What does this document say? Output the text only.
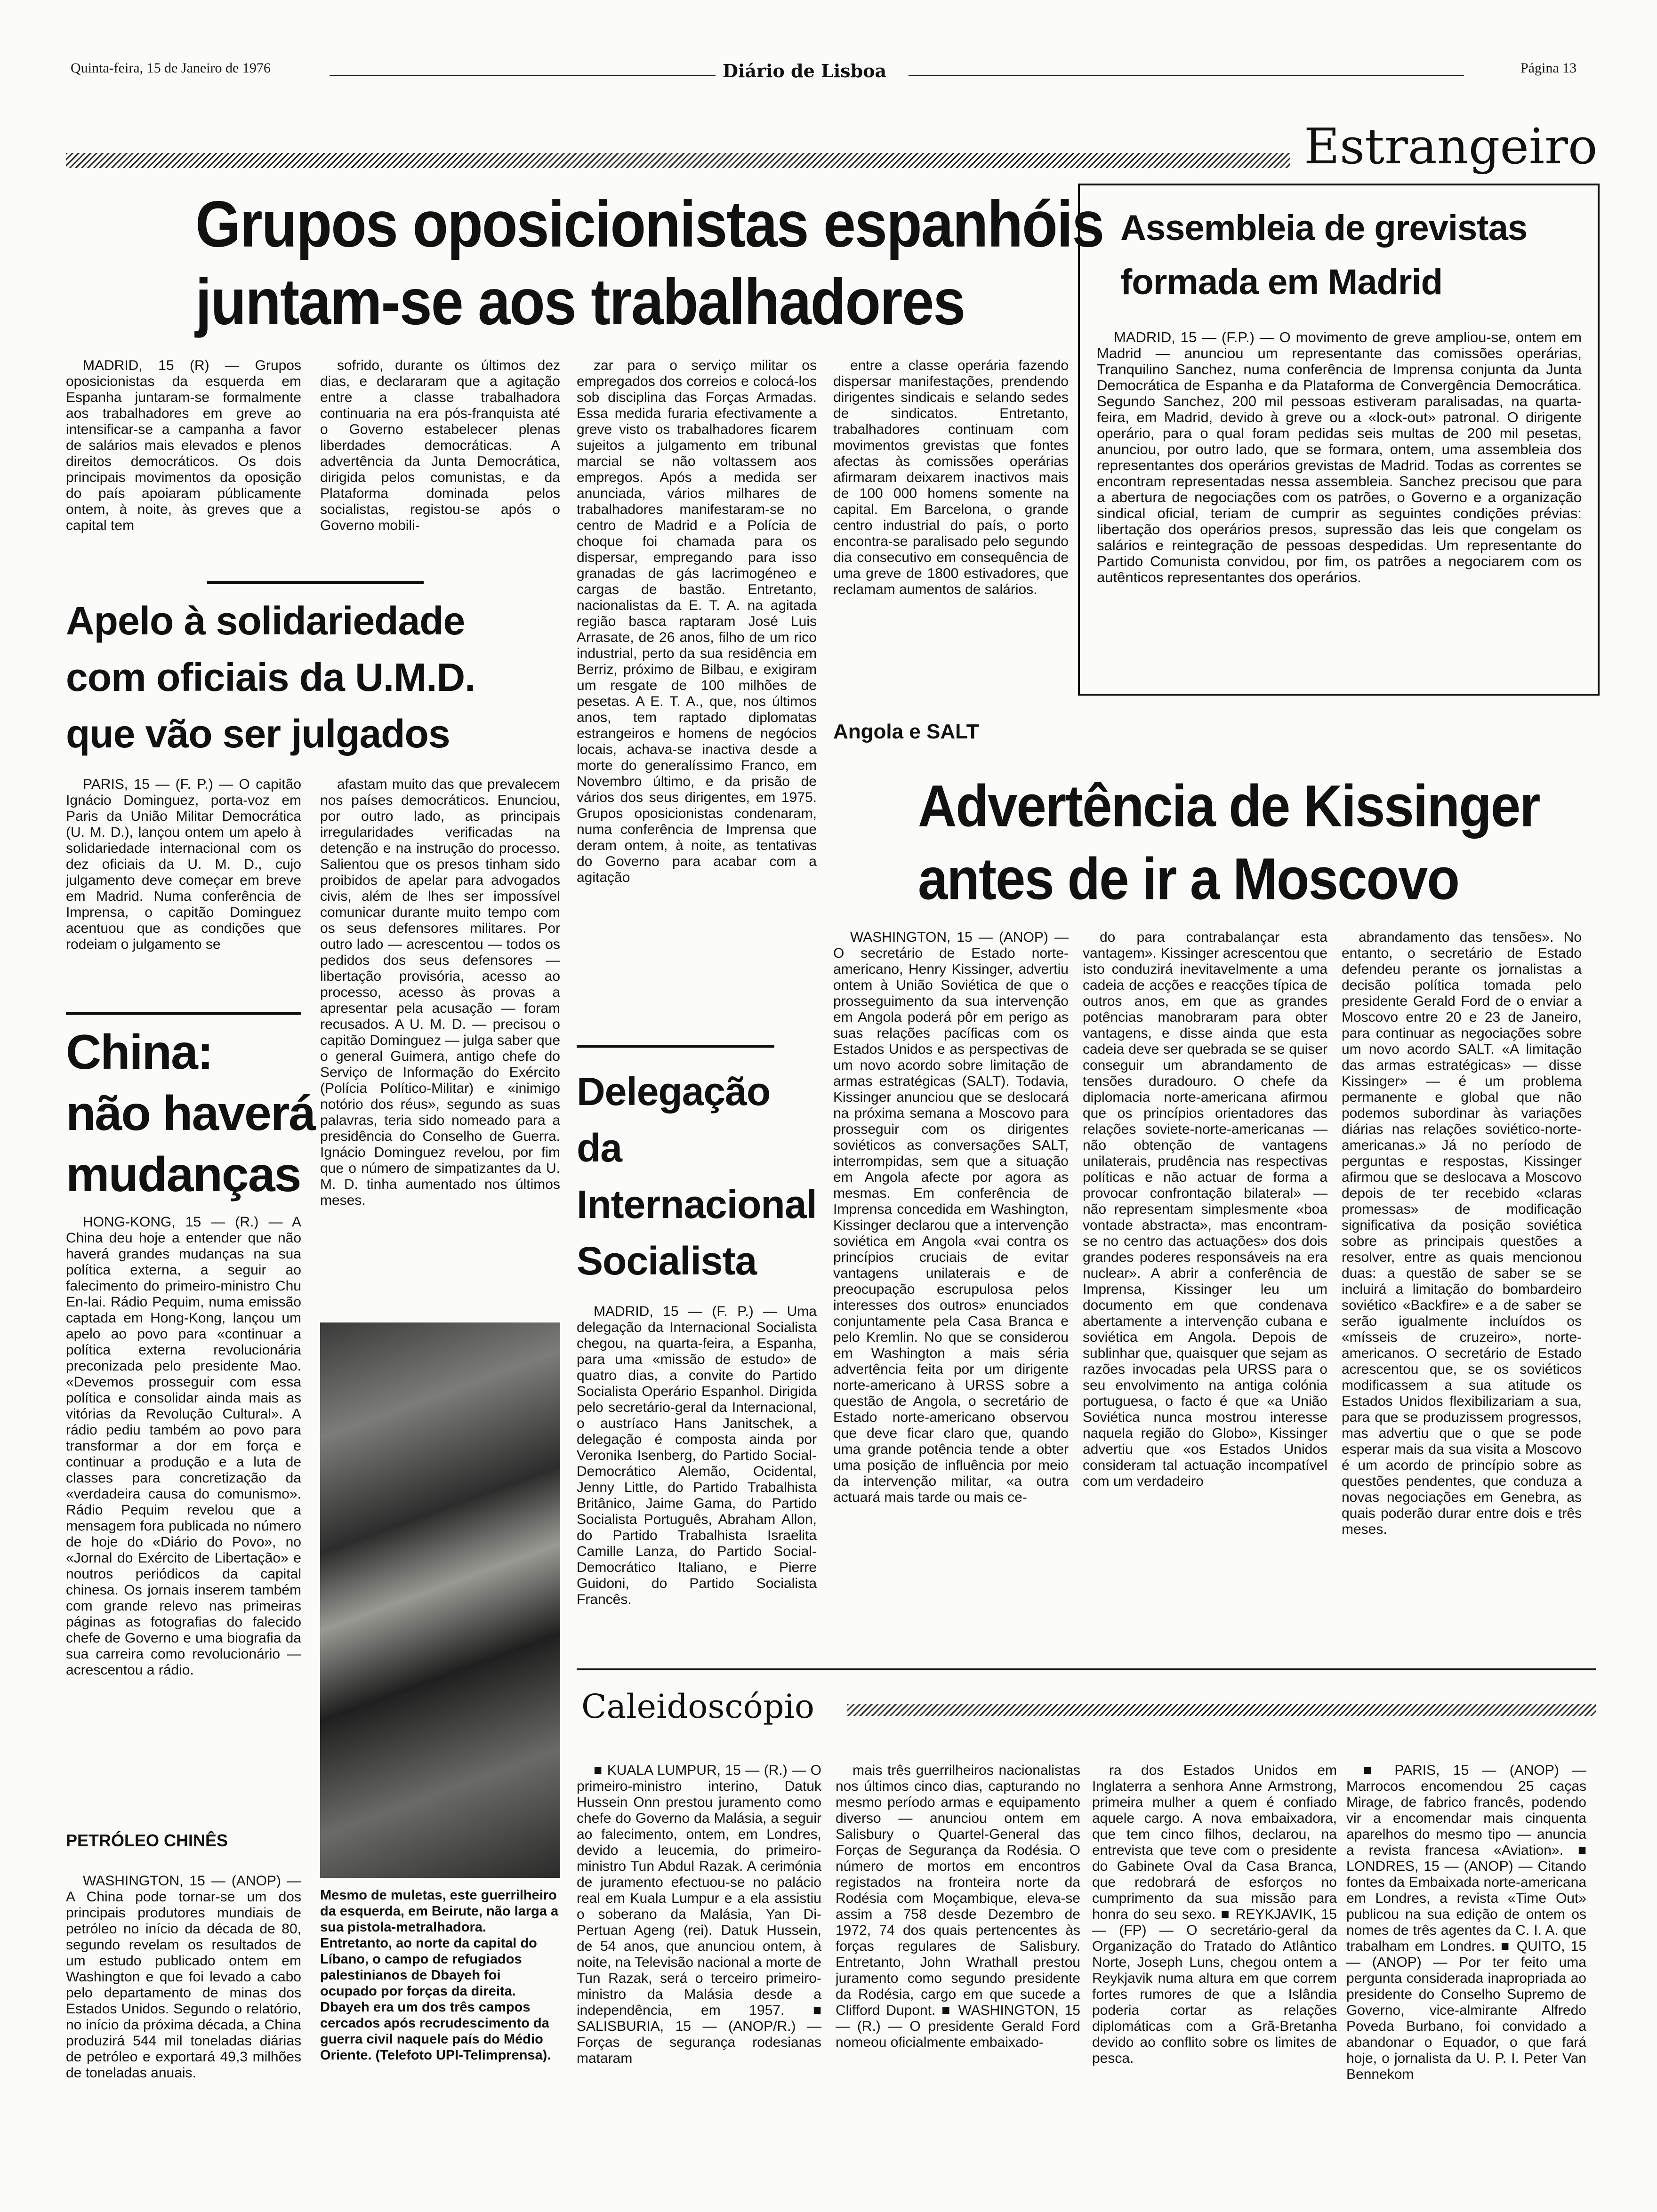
Quinta-feira, 15 de Janeiro de 1976	Diário de Lisboa	Página 13
Estrangeiro
Grupos oposicionistas espanhóis
juntam-se aos trabalhadores

MADRID, 15 (R) — Grupos oposicionistas da esquerda em Espanha juntaram-se formalmente aos trabalhadores em greve ao intensificar-se a campanha a favor de salários mais elevados e plenos direitos democráticos. Os dois principais movimentos da oposição do país apoiaram públicamente ontem, à noite, às greves que a capital tem

sofrido, durante os últimos dez dias, e declararam que a agitação entre a classe trabalhadora continuaria na era pós-franquista até o Governo estabelecer plenas liberdades democráticas. A advertência da Junta Democrática, dirigida pelos comunistas, e da Plataforma dominada pelos socialistas, registou-se após o Governo mobili-

zar para o serviço militar os empregados dos correios e colocá-los sob disciplina das Forças Armadas. Essa medida furaria efectivamente a greve visto os trabalhadores ficarem sujeitos a julgamento em tribunal marcial se não voltassem aos empregos. Após a medida ser anunciada, vários milhares de trabalhadores manifestaram-se no centro de Madrid e a Polícia de choque foi chamada para os dispersar, empregando para isso granadas de gás lacrimogéneo e cargas de bastão. Entretanto, nacionalistas da E. T. A. na agitada região basca raptaram José Luis Arrasate, de 26 anos, filho de um rico industrial, perto da sua residência em Berriz, próximo de Bilbau, e exigiram um resgate de 100 milhões de pesetas. A E. T. A., que, nos últimos anos, tem raptado diplomatas estrangeiros e homens de negócios locais, achava-se inactiva desde a morte do generalíssimo Franco, em Novembro último, e da prisão de vários dos seus dirigentes, em 1975. Grupos oposicionistas condenaram, numa conferência de Imprensa que deram ontem, à noite, as tentativas do Governo para acabar com a agitação

entre a classe operária fazendo dispersar manifestações, prendendo dirigentes sindicais e selando sedes de sindicatos. Entretanto, trabalhadores continuam com movimentos grevistas que fontes afectas às comissões operárias afirmaram deixarem inactivos mais de 100 000 homens somente na capital. Em Barcelona, o grande centro industrial do país, o porto encontra-se paralisado pelo segundo dia consecutivo em consequência de uma greve de 1800 estivadores, que reclamam aumentos de salários.

Assembleia de grevistas
formada em Madrid

MADRID, 15 — (F.P.) — O movimento de greve ampliou-se, ontem em Madrid — anunciou um representante das comissões operárias, Tranquilino Sanchez, numa conferência de Imprensa conjunta da Junta Democrática de Espanha e da Plataforma de Convergência Democrática. Segundo Sanchez, 200 mil pessoas estiveram paralisadas, na quarta-feira, em Madrid, devido à greve ou a «lock-out» patronal. O dirigente operário, para o qual foram pedidas seis multas de 200 mil pesetas, anunciou, por outro lado, que se formara, ontem, uma assembleia dos representantes dos operários grevistas de Madrid. Todas as correntes se encontram representadas nessa assembleia. Sanchez precisou que para a abertura de negociações com os patrões, o Governo e a organização sindical oficial, teriam de cumprir as seguintes condições prévias: libertação dos operários presos, supressão das leis que congelam os salários e reintegração de pessoas despedidas. Um representante do Partido Comunista convidou, por fim, os patrões a negociarem com os autênticos representantes dos operários.

Apelo à solidariedade
com oficiais da U.M.D.
que vão ser julgados

PARIS, 15 — (F. P.) — O capitão Ignácio Dominguez, porta-voz em Paris da União Militar Democrática (U. M. D.), lançou ontem um apelo à solidariedade internacional com os dez oficiais da U. M. D., cujo julgamento deve começar em breve em Madrid. Numa conferência de Imprensa, o capitão Dominguez acentuou que as condições que rodeiam o julgamento se

afastam muito das que prevalecem nos países democráticos. Enunciou, por outro lado, as principais irregularidades verificadas na detenção e na instrução do processo. Salientou que os presos tinham sido proibidos de apelar para advogados civis, além de lhes ser impossível comunicar durante muito tempo com os seus defensores militares. Por outro lado — acrescentou — todos os pedidos dos seus defensores — libertação provisória, acesso ao processo, acesso às provas a apresentar pela acusação — foram recusados. A U. M. D. — precisou o capitão Dominguez — julga saber que o general Guimera, antigo chefe do Serviço de Informação do Exército (Polícia Político-Militar) e «inimigo notório dos réus», segundo as suas palavras, teria sido nomeado para a presidência do Conselho de Guerra. Ignácio Dominguez revelou, por fim que o número de simpatizantes da U. M. D. tinha aumentado nos últimos meses.

China:
não haverá
mudanças

HONG-KONG, 15 — (R.) — A China deu hoje a entender que não haverá grandes mudanças na sua política externa, a seguir ao falecimento do primeiro-ministro Chu En-lai. Rádio Pequim, numa emissão captada em Hong-Kong, lançou um apelo ao povo para «continuar a política externa revolucionária preconizada pelo presidente Mao. «Devemos prosseguir com essa política e consolidar ainda mais as vitórias da Revolução Cultural». A rádio pediu também ao povo para transformar a dor em força e continuar a produção e a luta de classes para concretização da «verdadeira causa do comunismo». Rádio Pequim revelou que a mensagem fora publicada no número de hoje do «Diário do Povo», no «Jornal do Exército de Libertação» e noutros periódicos da capital chinesa. Os jornais inserem também com grande relevo nas primeiras páginas as fotografias do falecido chefe de Governo e uma biografia da sua carreira como revolucionário — acrescentou a rádio.

PETRÓLEO CHINÊS

WASHINGTON, 15 — (ANOP) — A China pode tornar-se um dos principais produtores mundiais de petróleo no início da década de 80, segundo revelam os resultados de um estudo publicado ontem em Washington e que foi levado a cabo pelo departamento de minas dos Estados Unidos. Segundo o relatório, no início da próxima década, a China produzirá 544 mil toneladas diárias de petróleo e exportará 49,3 milhões de toneladas anuais.

Mesmo de muletas, este guerrilheiro da esquerda, em Beirute, não larga a sua pistola-metralhadora. Entretanto, ao norte da capital do Líbano, o campo de refugiados palestinianos de Dbayeh foi ocupado por forças da direita. Dbayeh era um dos três campos cercados após recrudescimento da guerra civil naquele país do Médio Oriente. (Telefoto UPI-Telimprensa).
Delegação
da
Internacional
Socialista

MADRID, 15 — (F. P.) — Uma delegação da Internacional Socialista chegou, na quarta-feira, a Espanha, para uma «missão de estudo» de quatro dias, a convite do Partido Socialista Operário Espanhol. Dirigida pelo secretário-geral da Internacional, o austríaco Hans Janitschek, a delegação é composta ainda por Veronika Isenberg, do Partido Social-Democrático Alemão, Ocidental, Jenny Little, do Partido Trabalhista Britânico, Jaime Gama, do Partido Socialista Português, Abraham Allon, do Partido Trabalhista Israelita Camille Lanza, do Partido Social-Democrático Italiano, e Pierre Guidoni, do Partido Socialista Francês.

Angola e SALT
Advertência de Kissinger
antes de ir a Moscovo

WASHINGTON, 15 — (ANOP) — O secretário de Estado norte-americano, Henry Kissinger, advertiu ontem à União Soviética de que o prosseguimento da sua intervenção em Angola poderá pôr em perigo as suas relações pacíficas com os Estados Unidos e as perspectivas de um novo acordo sobre limitação de armas estratégicas (SALT). Todavia, Kissinger anunciou que se deslocará na próxima semana a Moscovo para prosseguir com os dirigentes soviéticos as conversações SALT, interrompidas, sem que a situação em Angola afecte por agora as mesmas. Em conferência de Imprensa concedida em Washington, Kissinger declarou que a intervenção soviética em Angola «vai contra os princípios cruciais de evitar vantagens unilaterais e de preocupação escrupulosa pelos interesses dos outros» enunciados conjuntamente pela Casa Branca e pelo Kremlin. No que se considerou em Washington a mais séria advertência feita por um dirigente norte-americano à URSS sobre a questão de Angola, o secretário de Estado norte-americano observou que deve ficar claro que, quando uma grande potência tende a obter uma posição de influência por meio da intervenção militar, «a outra actuará mais tarde ou mais ce-

do para contrabalançar esta vantagem». Kissinger acrescentou que isto conduzirá inevitavelmente a uma cadeia de acções e reacções típica de outros anos, em que as grandes potências manobraram para obter vantagens, e disse ainda que esta cadeia deve ser quebrada se se quiser conseguir um abrandamento de tensões duradouro. O chefe da diplomacia norte-americana afirmou que os princípios orientadores das relações soviete-norte-americanas — não obtenção de vantagens unilaterais, prudência nas respectivas políticas e não actuar de forma a provocar confrontação bilateral» — não representam simplesmente «boa vontade abstracta», mas encontram-se no centro das actuações» dos dois grandes poderes responsáveis na era nuclear». A abrir a conferência de Imprensa, Kissinger leu um documento em que condenava abertamente a intervenção cubana e soviética em Angola. Depois de sublinhar que, quaisquer que sejam as razões invocadas pela URSS para o seu envolvimento na antiga colónia portuguesa, o facto é que «a União Soviética nunca mostrou interesse naquela região do Globo», Kissinger advertiu que «os Estados Unidos consideram tal actuação incompatível com um verdadeiro

abrandamento das tensões». No entanto, o secretário de Estado defendeu perante os jornalistas a decisão política tomada pelo presidente Gerald Ford de o enviar a Moscovo entre 20 e 23 de Janeiro, para continuar as negociações sobre um novo acordo SALT. «A limitação das armas estratégicas» — disse Kissinger» — é um problema permanente e global que não podemos subordinar às variações diárias nas relações soviético-norte-americanas.» Já no período de perguntas e respostas, Kissinger afirmou que se deslocava a Moscovo depois de ter recebido «claras promessas» de modificação significativa da posição soviética sobre as principais questões a resolver, entre as quais mencionou duas: a questão de saber se se incluirá a limitação do bombardeiro soviético «Backfire» e a de saber se serão igualmente incluídos os «mísseis de cruzeiro», norte-americanos. O secretário de Estado acrescentou que, se os soviéticos modificassem a sua atitude os Estados Unidos flexibilizariam a sua, para que se produzissem progressos, mas advertiu que o que se pode esperar mais da sua visita a Moscovo é um acordo de princípio sobre as questões pendentes, que conduza a novas negociações em Genebra, as quais poderão durar entre dois e três meses.

Caleidoscópio

■ KUALA LUMPUR, 15 — (R.) — O primeiro-ministro interino, Datuk Hussein Onn prestou juramento como chefe do Governo da Malásia, a seguir ao falecimento, ontem, em Londres, devido a leucemia, do primeiro-ministro Tun Abdul Razak. A cerimónia de juramento efectuou-se no palácio real em Kuala Lumpur e a ela assistiu o soberano da Malásia, Yan Di-Pertuan Ageng (rei). Datuk Hussein, de 54 anos, que anunciou ontem, à noite, na Televisão nacional a morte de Tun Razak, será o terceiro primeiro-ministro da Malásia desde a independência, em 1957. ■ SALISBURIA, 15 — (ANOP/R.) — Forças de segurança rodesianas mataram

mais três guerrilheiros nacionalistas nos últimos cinco dias, capturando no mesmo período armas e equipamento diverso — anunciou ontem em Salisbury o Quartel-General das Forças de Segurança da Rodésia. O número de mortos em encontros registados na fronteira norte da Rodésia com Moçambique, eleva-se assim a 758 desde Dezembro de 1972, 74 dos quais pertencentes às forças regulares de Salisbury. Entretanto, John Wrathall prestou juramento como segundo presidente da Rodésia, cargo em que sucede a Clifford Dupont. ■ WASHINGTON, 15 — (R.) — O presidente Gerald Ford nomeou oficialmente embaixado-

ra dos Estados Unidos em Inglaterra a senhora Anne Armstrong, primeira mulher a quem é confiado aquele cargo. A nova embaixadora, que tem cinco filhos, declarou, na entrevista que teve com o presidente do Gabinete Oval da Casa Branca, que redobrará de esforços no cumprimento da sua missão para honra do seu sexo. ■ REYKJAVIK, 15 — (FP) — O secretário-geral da Organização do Tratado do Atlântico Norte, Joseph Luns, chegou ontem a Reykjavik numa altura em que correm fortes rumores de que a Islândia poderia cortar as relações diplomáticas com a Grã-Bretanha devido ao conflito sobre os limites de pesca.

■ PARIS, 15 — (ANOP) — Marrocos encomendou 25 caças Mirage, de fabrico francês, podendo vir a encomendar mais cinquenta aparelhos do mesmo tipo — anuncia a revista francesa «Aviation». ■ LONDRES, 15 — (ANOP) — Citando fontes da Embaixada norte-americana em Londres, a revista «Time Out» publicou na sua edição de ontem os nomes de três agentes da C. I. A. que trabalham em Londres. ■ QUITO, 15 — (ANOP) — Por ter feito uma pergunta considerada inapropriada ao presidente do Conselho Supremo de Governo, vice-almirante Alfredo Poveda Burbano, foi convidado a abandonar o Equador, o que fará hoje, o jornalista da U. P. I. Peter Van Bennekom
